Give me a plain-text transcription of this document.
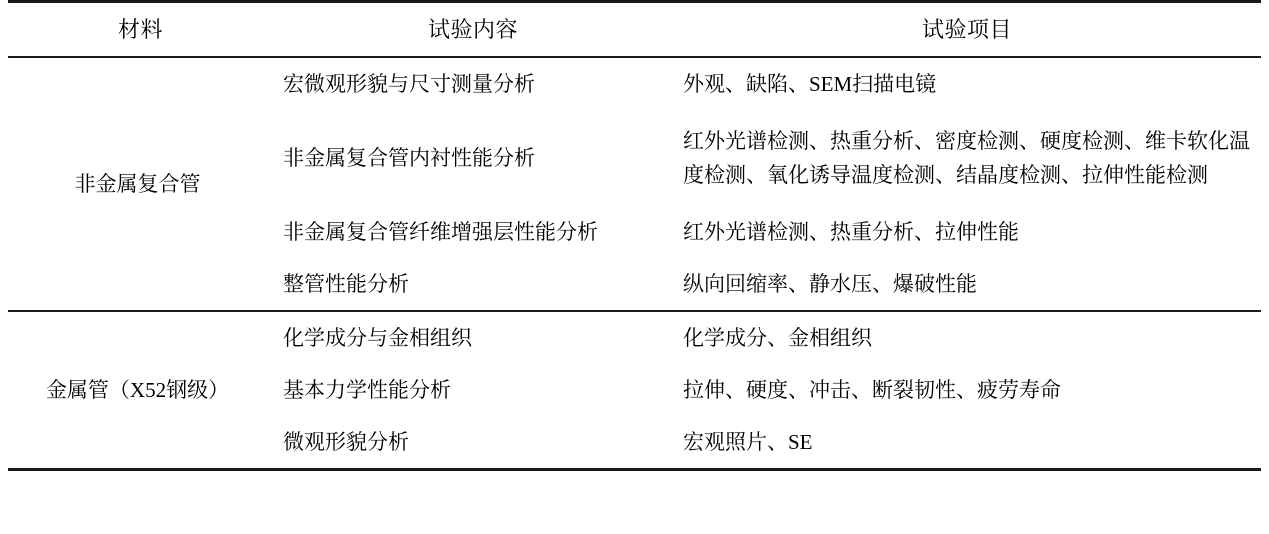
材料	试验内容	试验项目
非金属复合管	宏微观形貌与尺寸测量分析	外观、缺陷、SEM扫描电镜
	非金属复合管内衬性能分析	红外光谱检测、热重分析、密度检测、硬度检测、维卡软化温度检测、氧化诱导温度检测、结晶度检测、拉伸性能检测
	非金属复合管纤维增强层性能分析	红外光谱检测、热重分析、拉伸性能
	整管性能分析	纵向回缩率、静水压、爆破性能
金属管（X52钢级）	化学成分与金相组织	化学成分、金相组织
	基本力学性能分析	拉伸、硬度、冲击、断裂韧性、疲劳寿命
	微观形貌分析	宏观照片、SE
